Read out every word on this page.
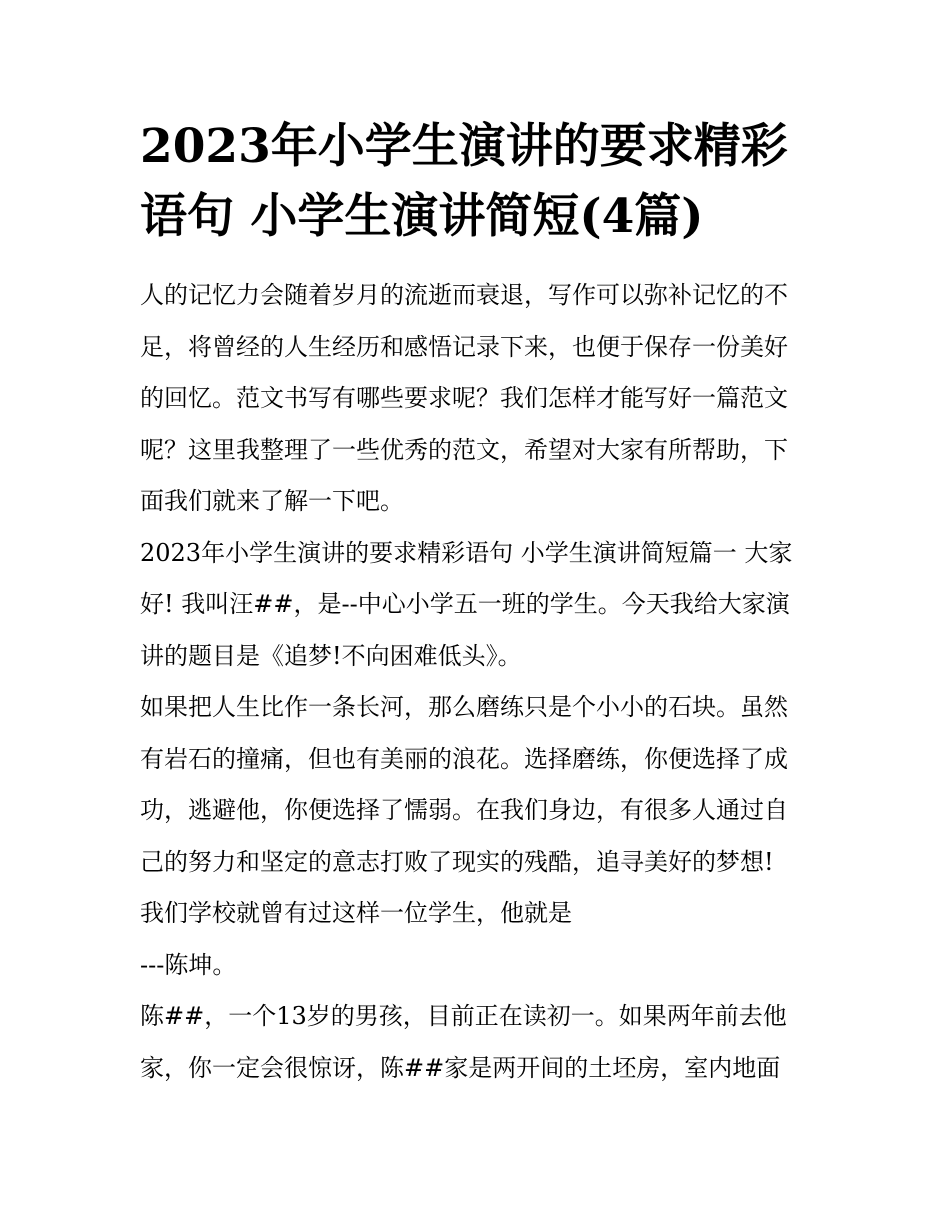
2023年小学生演讲的要求精彩
语句 小学生演讲简短(4篇)

人的记忆力会随着岁月的流逝而衰退，写作可以弥补记忆的不
足，将曾经的人生经历和感悟记录下来，也便于保存一份美好
的回忆。范文书写有哪些要求呢？我们怎样才能写好一篇范文
呢？这里我整理了一些优秀的范文，希望对大家有所帮助，下
面我们就来了解一下吧。

2023年小学生演讲的要求精彩语句 小学生演讲简短篇一 大家
好! 我叫汪##，是--中心小学五一班的学生。今天我给大家演
讲的题目是《追梦!不向困难低头》。

如果把人生比作一条长河，那么磨练只是个小小的石块。虽然
有岩石的撞痛，但也有美丽的浪花。选择磨练，你便选择了成
功，逃避他，你便选择了懦弱。在我们身边，有很多人通过自
己的努力和坚定的意志打败了现实的残酷，追寻美好的梦想!
我们学校就曾有过这样一位学生，他就是

---陈坤。

陈##，一个13岁的男孩，目前正在读初一。如果两年前去他
家，你一定会很惊讶，陈##家是两开间的土坯房，室内地面
